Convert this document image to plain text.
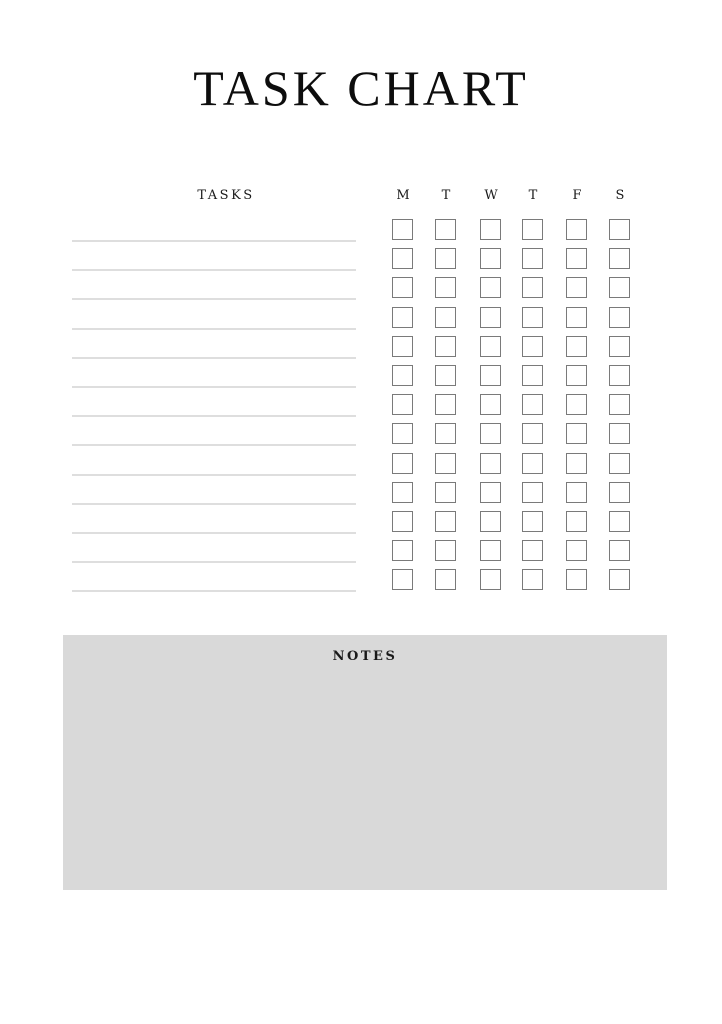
TASK CHART
TASKS	M	T	W	T	F	S
NOTES
